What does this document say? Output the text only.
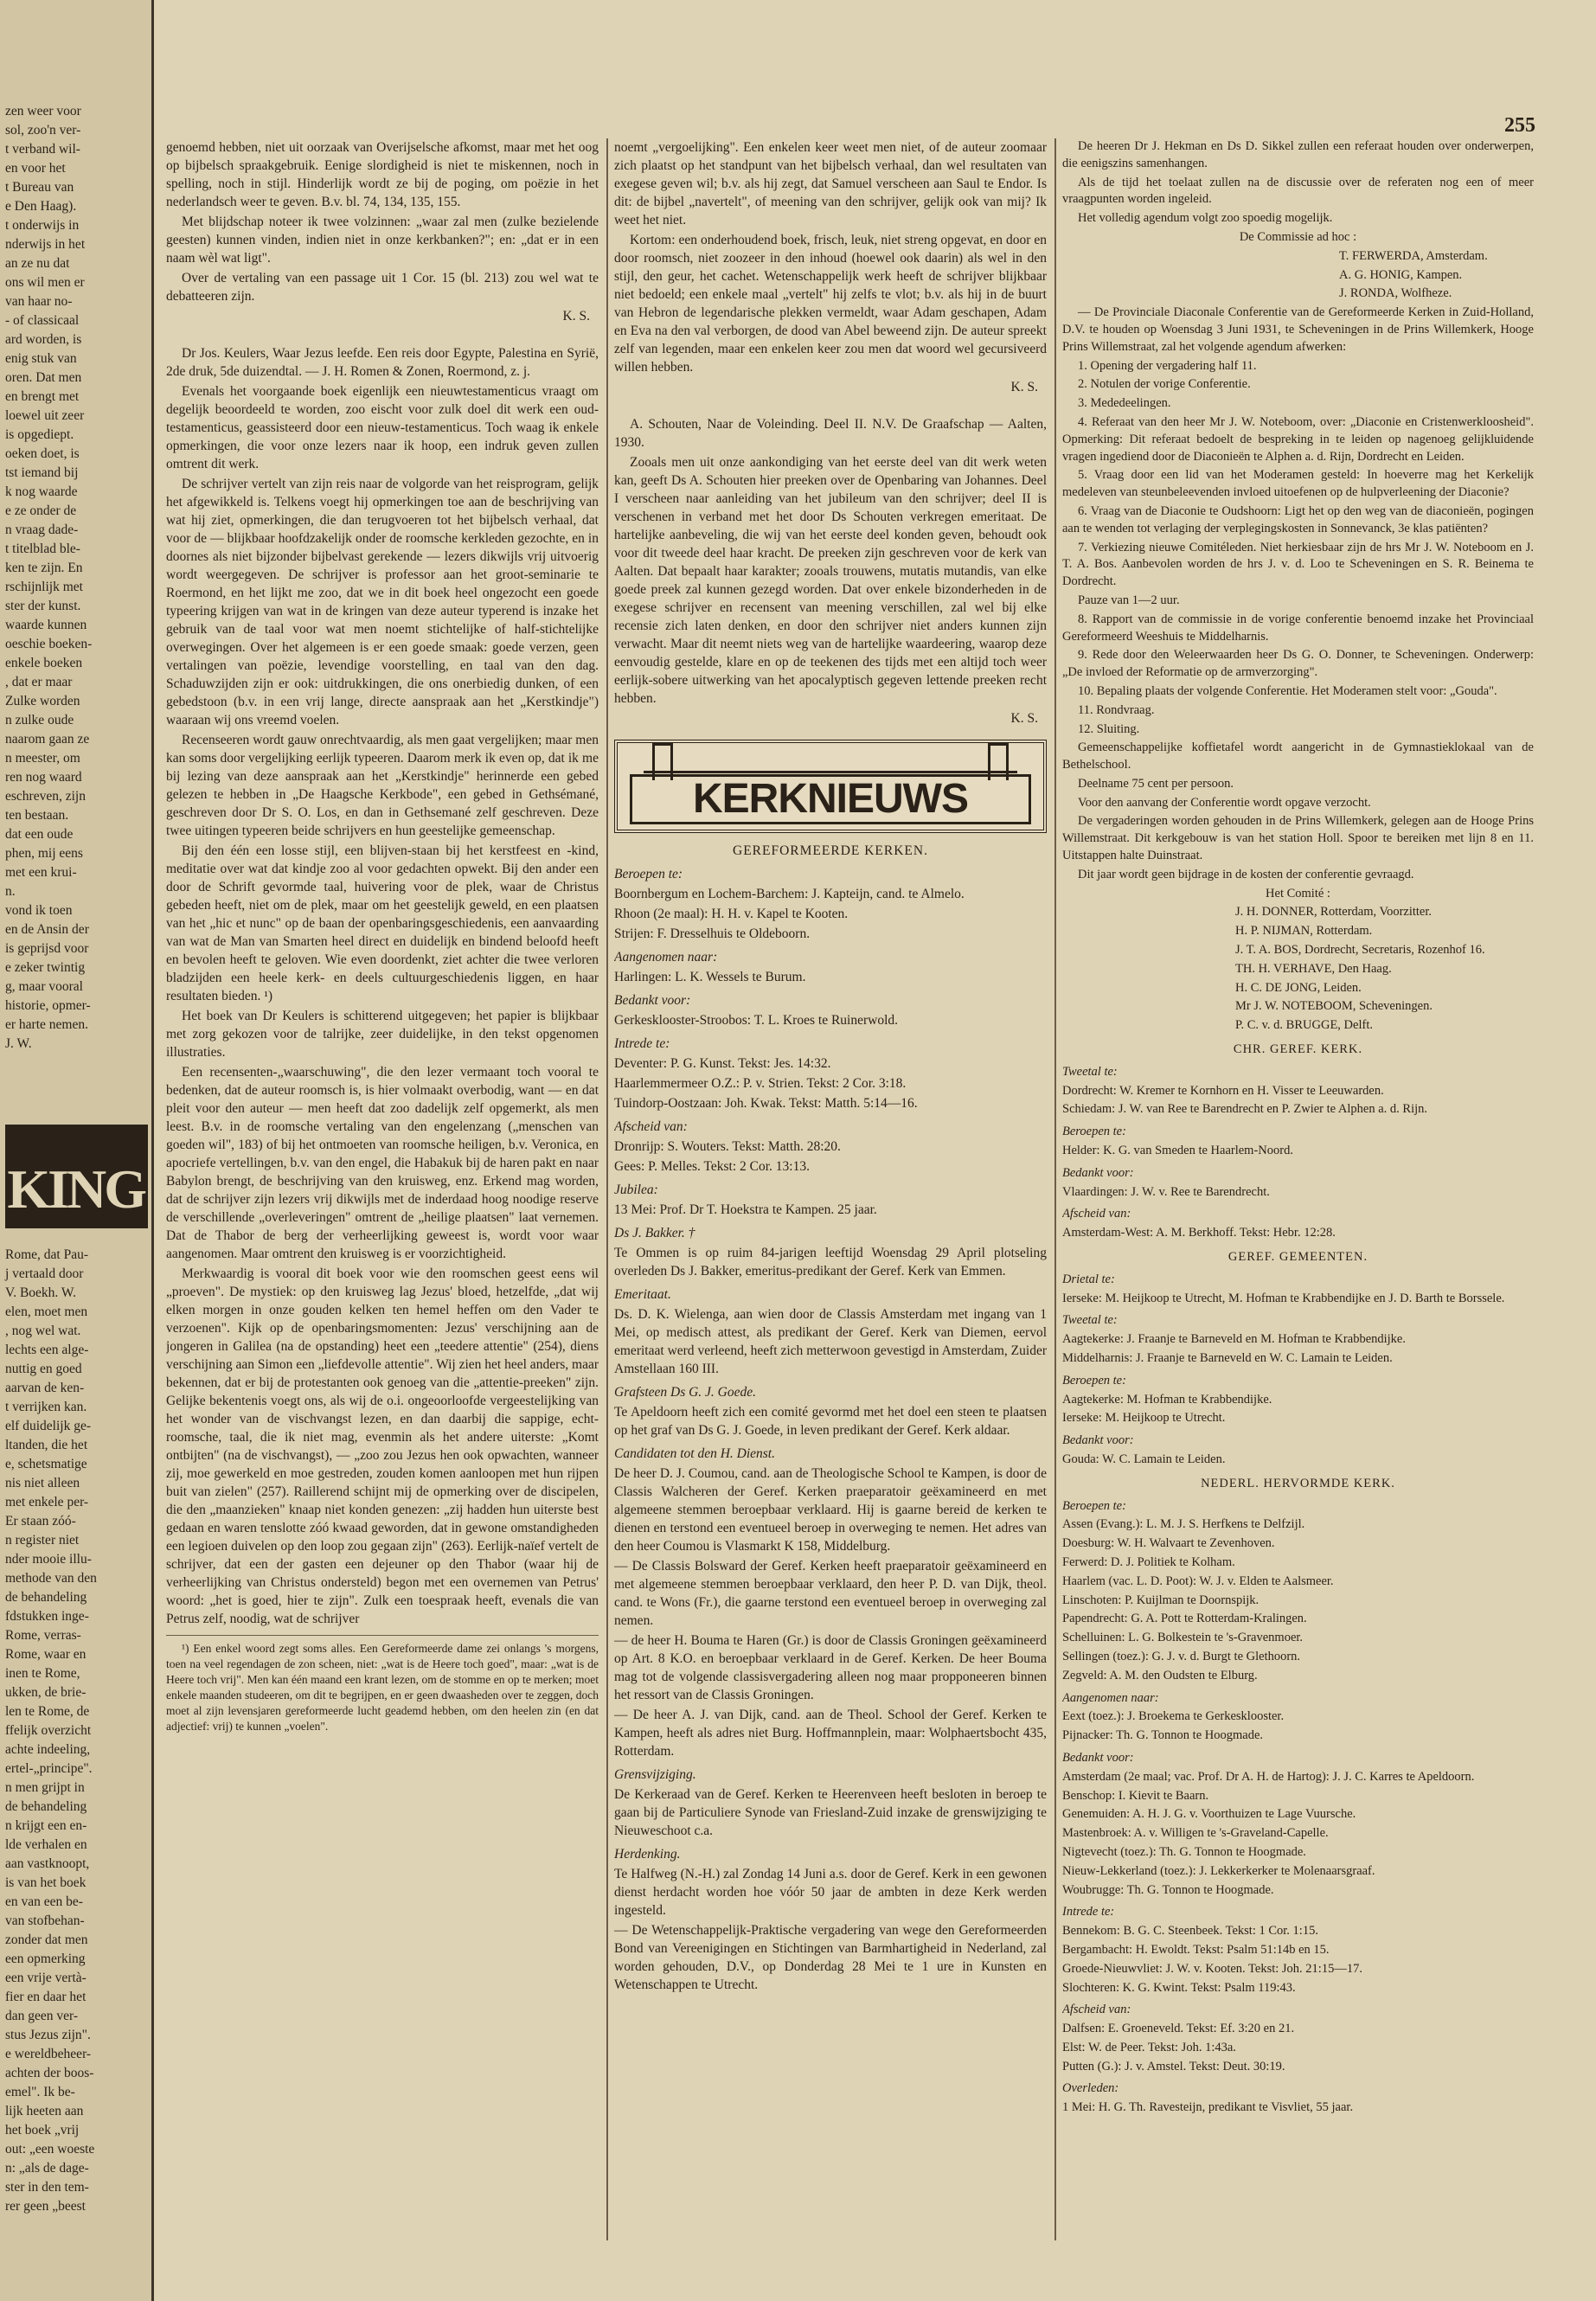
zen weer voor

sol, zoo'n ver-

t verband wil-

en voor het

t Bureau van

e Den Haag).

t onderwijs in

nderwijs in het

an ze nu dat

ons wil men er

van haar no-

- of classicaal

ard worden, is

enig stuk van

oren. Dat men

en brengt met

loewel uit zeer

is opgediept.

oeken doet, is

tst iemand bij

k nog waarde

e ze onder de

n vraag dade-

t titelblad ble-

ken te zijn. En

rschijnlijk met

ster der kunst.

waarde kunnen

oeschie boeken-

enkele boeken

, dat er maar

Zulke worden

n zulke oude

naarom gaan ze

n meester, om

ren nog waard

eschreven, zijn

ten bestaan.

dat een oude

phen, mij eens

met een krui-

n.

vond ik toen

en de Ansin der

is geprijsd voor

e zeker twintig

g, maar vooral

historie, opmer-

er harte nemen.

J. W.

KING

Rome, dat Pau-

j vertaald door

V. Boekh. W.

elen, moet men

, nog wel wat.

lechts een alge-

nuttig en goed

aarvan de ken-

t verrijken kan.

elf duidelijk ge-

ltanden, die het

e, schetsmatige

nis niet alleen

met enkele per-

Er staan zóó-

n register niet

nder mooie illu-

methode van den

de behandeling

fdstukken inge-

Rome, verras-

Rome, waar en

inen te Rome,

ukken, de brie-

len te Rome, de

ffelijk overzicht

achte indeeling,

ertel-„principe".

n men grijpt in

de behandeling

n krijgt een en-

lde verhalen en

aan vastknoopt,

is van het boek

en van een be-

van stofbehan-

zonder dat men

een opmerking

een vrije vertà-

fier en daar het

dan geen ver-

stus Jezus zijn".

e wereldbeheer-

achten der boos-

emel". Ik be-

lijk heeten aan

het boek „vrij

out: „een woeste

n: „als de dage-

ster in den tem-

rer geen „beest

255

genoemd hebben, niet uit oorzaak van Overijselsche afkomst, maar met het oog op bijbelsch spraakgebruik. Eenige slordigheid is niet te miskennen, noch in spelling, noch in stijl. Hinderlijk wordt ze bij de poging, om poëzie in het nederlandsch weer te geven. B.v. bl. 74, 134, 135, 155.

Met blijdschap noteer ik twee volzinnen: „waar zal men (zulke bezielende geesten) kunnen vinden, indien niet in onze kerkbanken?"; en: „dat er in een naam wèl wat ligt".

Over de vertaling van een passage uit 1 Cor. 15 (bl. 213) zou wel wat te debatteeren zijn.

K. S.

Dr Jos. Keulers, Waar Jezus leefde. Een reis door Egypte, Palestina en Syrië, 2de druk, 5de duizendtal. — J. H. Romen & Zonen, Roermond, z. j.

Evenals het voorgaande boek eigenlijk een nieuwtestamenticus vraagt om degelijk beoordeeld te worden, zoo eischt voor zulk doel dit werk een oud-testamenticus, geassisteerd door een nieuw-testamenticus. Toch waag ik enkele opmerkingen, die voor onze lezers naar ik hoop, een indruk geven zullen omtrent dit werk.

De schrijver vertelt van zijn reis naar de volgorde van het reisprogram, gelijk het afgewikkeld is. Telkens voegt hij opmerkingen toe aan de beschrijving van wat hij ziet, opmerkingen, die dan terugvoeren tot het bijbelsch verhaal, dat voor de — blijkbaar hoofdzakelijk onder de roomsche kerkleden gezochte, en in doornes als niet bijzonder bijbelvast gerekende — lezers dikwijls vrij uitvoerig wordt weergegeven. De schrijver is professor aan het groot-seminarie te Roermond, en het lijkt me zoo, dat we in dit boek heel ongezocht een goede typeering krijgen van wat in de kringen van deze auteur typerend is inzake het gebruik van de taal voor wat men noemt stichtelijke of half-stichtelijke overwegingen. Over het algemeen is er een goede smaak: goede verzen, geen vertalingen van poëzie, levendige voorstelling, en taal van den dag. Schaduwzijden zijn er ook: uitdrukkingen, die ons onerbiedig dunken, of een gebedstoon (b.v. in een vrij lange, directe aanspraak aan het „Kerstkindje") waaraan wij ons vreemd voelen.

Recenseeren wordt gauw onrechtvaardig, als men gaat vergelijken; maar men kan soms door vergelijking eerlijk typeeren. Daarom merk ik even op, dat ik me bij lezing van deze aanspraak aan het „Kerstkindje" herinnerde een gebed gelezen te hebben in „De Haagsche Kerkbode", een gebed in Gethsémané, geschreven door Dr S. O. Los, en dan in Gethsemané zelf geschreven. Deze twee uitingen typeeren beide schrijvers en hun geestelijke gemeenschap.

Bij den één een losse stijl, een blijven-staan bij het kerstfeest en -kind, meditatie over wat dat kindje zoo al voor gedachten opwekt. Bij den ander een door de Schrift gevormde taal, huivering voor de plek, waar de Christus gebeden heeft, niet om de plek, maar om het geestelijk geweld, en een plaatsen van het „hic et nunc" op de baan der openbaringsgeschiedenis, een aanvaarding van wat de Man van Smarten heel direct en duidelijk en bindend beloofd heeft en bevolen heeft te geloven. Wie even doordenkt, ziet achter die twee verloren bladzijden een heele kerk- en deels cultuurgeschiedenis liggen, en haar resultaten bieden. ¹)

Het boek van Dr Keulers is schitterend uitgegeven; het papier is blijkbaar met zorg gekozen voor de talrijke, zeer duidelijke, in den tekst opgenomen illustraties.

Een recensenten-„waarschuwing", die den lezer vermaant toch vooral te bedenken, dat de auteur roomsch is, is hier volmaakt overbodig, want — en dat pleit voor den auteur — men heeft dat zoo dadelijk zelf opgemerkt, als men leest. B.v. in de roomsche vertaling van den engelenzang („menschen van goeden wil", 183) of bij het ontmoeten van roomsche heiligen, b.v. Veronica, en apocriefe vertellingen, b.v. van den engel, die Habakuk bij de haren pakt en naar Babylon brengt, de beschrijving van den kruisweg, enz. Erkend mag worden, dat de schrijver zijn lezers vrij dikwijls met de inderdaad hoog noodige reserve de verschillende „overleveringen" omtrent de „heilige plaatsen" laat vernemen. Dat de Thabor de berg der verheerlijking geweest is, wordt voor waar aangenomen. Maar omtrent den kruisweg is er voorzichtigheid.

Merkwaardig is vooral dit boek voor wie den roomschen geest eens wil „proeven". De mystiek: op den kruisweg lag Jezus' bloed, hetzelfde, „dat wij elken morgen in onze gouden kelken ten hemel heffen om den Vader te verzoenen". Kijk op de openbaringsmomenten: Jezus' verschijning aan de jongeren in Galilea (na de opstanding) heet een „teedere attentie" (254), diens verschijning aan Simon een „liefdevolle attentie". Wij zien het heel anders, maar bekennen, dat er bij de protestanten ook genoeg van die „attentie-preeken" zijn. Gelijke bekentenis voegt ons, als wij de o.i. ongeoorloofde vergeestelijking van het wonder van de vischvangst lezen, en dan daarbij die sappige, echt-roomsche, taal, die ik niet mag, evenmin als het andere uiterste: „Komt ontbijten" (na de vischvangst), — „zoo zou Jezus hen ook opwachten, wanneer zij, moe gewerkeld en moe gestreden, zouden komen aanloopen met hun rijpen buit van zielen" (257). Raillerend schijnt mij de opmerking over de discipelen, die den „maanzieken" knaap niet konden genezen: „zij hadden hun uiterste best gedaan en waren tenslotte zóó kwaad geworden, dat in gewone omstandigheden een legioen duivelen op den loop zou gegaan zijn" (263). Eerlijk-naïef vertelt de schrijver, dat een der gasten een dejeuner op den Thabor (waar hij de verheerlijking van Christus ondersteld) begon met een overnemen van Petrus' woord: „het is goed, hier te zijn". Zulk een toespraak heeft, evenals die van Petrus zelf, noodig, wat de schrijver

¹) Een enkel woord zegt soms alles. Een Gereformeerde dame zei onlangs 's morgens, toen na veel regendagen de zon scheen, niet: „wat is de Heere toch goed", maar: „wat is de Heere toch vrij". Men kan één maand een krant lezen, om de stomme en op te merken; moet enkele maanden studeeren, om dit te begrijpen, en er geen dwaasheden over te zeggen, doch moet al zijn levensjaren gereformeerde lucht geademd hebben, om den heelen zin (en dat adjectief: vrij) te kunnen „voelen".

noemt „vergoelijking". Een enkelen keer weet men niet, of de auteur zoomaar zich plaatst op het standpunt van het bijbelsch verhaal, dan wel resultaten van exegese geven wil; b.v. als hij zegt, dat Samuel verscheen aan Saul te Endor. Is dit: de bijbel „navertelt", of meening van den schrijver, gelijk ook van mij? Ik weet het niet.

Kortom: een onderhoudend boek, frisch, leuk, niet streng opgevat, en door en door roomsch, niet zoozeer in den inhoud (hoewel ook daarin) als wel in den stijl, den geur, het cachet. Wetenschappelijk werk heeft de schrijver blijkbaar niet bedoeld; een enkele maal „vertelt" hij zelfs te vlot; b.v. als hij in de buurt van Hebron de legendarische plekken vermeldt, waar Adam geschapen, Adam en Eva na den val verborgen, de dood van Abel beweend zijn. De auteur spreekt zelf van legenden, maar een enkelen keer zou men dat woord wel gecursiveerd willen hebben.

K. S.

A. Schouten, Naar de Voleinding. Deel II. N.V. De Graafschap — Aalten, 1930.

Zooals men uit onze aankondiging van het eerste deel van dit werk weten kan, geeft Ds A. Schouten hier preeken over de Openbaring van Johannes. Deel I verscheen naar aanleiding van het jubileum van den schrijver; deel II is verschenen in verband met het door Ds Schouten verkregen emeritaat. De hartelijke aanbeveling, die wij van het eerste deel konden geven, behoudt ook voor dit tweede deel haar kracht. De preeken zijn geschreven voor de kerk van Aalten. Dat bepaalt haar karakter; zooals trouwens, mutatis mutandis, van elke goede preek zal kunnen gezegd worden. Dat over enkele bizonderheden in de exegese schrijver en recensent van meening verschillen, zal wel bij elke recensie zich laten denken, en door den schrijver niet anders kunnen zijn verwacht. Maar dit neemt niets weg van de hartelijke waardeering, waarop deze eenvoudig gestelde, klare en op de teekenen des tijds met een altijd toch weer eerlijk-sobere uitwerking van het apocalyptisch gegeven lettende preeken recht hebben.

K. S.

KERKNIEUWS

GEREFORMEERDE KERKEN.

Beroepen te:

Boornbergum en Lochem-Barchem: J. Kapteijn, cand. te Almelo.

Rhoon (2e maal): H. H. v. Kapel te Kooten.

Strijen: F. Dresselhuis te Oldeboorn.

Aangenomen naar:

Harlingen: L. K. Wessels te Burum.

Bedankt voor:

Gerkesklooster-Stroobos: T. L. Kroes te Ruinerwold.

Intrede te:

Deventer: P. G. Kunst. Tekst: Jes. 14:32.

Haarlemmermeer O.Z.: P. v. Strien. Tekst: 2 Cor. 3:18.

Tuindorp-Oostzaan: Joh. Kwak. Tekst: Matth. 5:14—16.

Afscheid van:

Dronrijp: S. Wouters. Tekst: Matth. 28:20.

Gees: P. Melles. Tekst: 2 Cor. 13:13.

Jubilea:

13 Mei: Prof. Dr T. Hoekstra te Kampen. 25 jaar.

Ds J. Bakker. †

Te Ommen is op ruim 84-jarigen leeftijd Woensdag 29 April plotseling overleden Ds J. Bakker, emeritus-predikant der Geref. Kerk van Emmen.

Emeritaat.

Ds. D. K. Wielenga, aan wien door de Classis Amsterdam met ingang van 1 Mei, op medisch attest, als predikant der Geref. Kerk van Diemen, eervol emeritaat werd verleend, heeft zich metterwoon gevestigd in Amsterdam, Zuider Amstellaan 160 III.

Grafsteen Ds G. J. Goede.

Te Apeldoorn heeft zich een comité gevormd met het doel een steen te plaatsen op het graf van Ds G. J. Goede, in leven predikant der Geref. Kerk aldaar.

Candidaten tot den H. Dienst.

De heer D. J. Coumou, cand. aan de Theologische School te Kampen, is door de Classis Walcheren der Geref. Kerken praeparatoir geëxamineerd en met algemeene stemmen beroepbaar verklaard. Hij is gaarne bereid de kerken te dienen en terstond een eventueel beroep in overweging te nemen. Het adres van den heer Coumou is Vlasmarkt K 158, Middelburg.

— De Classis Bolsward der Geref. Kerken heeft praeparatoir geëxamineerd en met algemeene stemmen beroepbaar verklaard, den heer P. D. van Dijk, theol. cand. te Wons (Fr.), die gaarne terstond een eventueel beroep in overweging zal nemen.

— de heer H. Bouma te Haren (Gr.) is door de Classis Groningen geëxamineerd op Art. 8 K.O. en beroepbaar verklaard in de Geref. Kerken. De heer Bouma mag tot de volgende classisvergadering alleen nog maar propponeeren binnen het ressort van de Classis Groningen.

— De heer A. J. van Dijk, cand. aan de Theol. School der Geref. Kerken te Kampen, heeft als adres niet Burg. Hoffmannplein, maar: Wolphaertsbocht 435, Rotterdam.

Grensvijziging.

De Kerkeraad van de Geref. Kerken te Heerenveen heeft besloten in beroep te gaan bij de Particuliere Synode van Friesland-Zuid inzake de grenswijziging te Nieuweschoot c.a.

Herdenking.

Te Halfweg (N.-H.) zal Zondag 14 Juni a.s. door de Geref. Kerk in een gewonen dienst herdacht worden hoe vóór 50 jaar de ambten in deze Kerk werden ingesteld.

— De Wetenschappelijk-Praktische vergadering van wege den Gereformeerden Bond van Vereenigingen en Stichtingen van Barmhartigheid in Nederland, zal worden gehouden, D.V., op Donderdag 28 Mei te 1 ure in Kunsten en Wetenschappen te Utrecht.

De heeren Dr J. Hekman en Ds D. Sikkel zullen een referaat houden over onderwerpen, die eenigszins samenhangen.

Als de tijd het toelaat zullen na de discussie over de referaten nog een of meer vraagpunten worden ingeleid.

Het volledig agendum volgt zoo spoedig mogelijk.

De Commissie ad hoc :

T. FERWERDA, Amsterdam.

A. G. HONIG, Kampen.

J. RONDA, Wolfheze.

— De Provinciale Diaconale Conferentie van de Gereformeerde Kerken in Zuid-Holland, D.V. te houden op Woensdag 3 Juni 1931, te Scheveningen in de Prins Willemkerk, Hooge Prins Willemstraat, zal het volgende agendum afwerken:

1. Opening der vergadering half 11.

2. Notulen der vorige Conferentie.

3. Mededeelingen.

4. Referaat van den heer Mr J. W. Noteboom, over: „Diaconie en Cristenwerkloosheid". Opmerking: Dit referaat bedoelt de bespreking in te leiden op nagenoeg gelijkluidende vragen ingediend door de Diaconieën te Alphen a. d. Rijn, Dordrecht en Leiden.

5. Vraag door een lid van het Moderamen gesteld: In hoeverre mag het Kerkelijk medeleven van steunbeleevenden invloed uitoefenen op de hulpverleening der Diaconie?

6. Vraag van de Diaconie te Oudshoorn: Ligt het op den weg van de diaconieën, pogingen aan te wenden tot verlaging der verplegingskosten in Sonnevanck, 3e klas patiënten?

7. Verkiezing nieuwe Comitéleden. Niet herkiesbaar zijn de hrs Mr J. W. Noteboom en J. T. A. Bos. Aanbevolen worden de hrs J. v. d. Loo te Scheveningen en S. R. Beinema te Dordrecht.

Pauze van 1—2 uur.

8. Rapport van de commissie in de vorige conferentie benoemd inzake het Provinciaal Gereformeerd Weeshuis te Middelharnis.

9. Rede door den Weleerwaarden heer Ds G. O. Donner, te Scheveningen. Onderwerp: „De invloed der Reformatie op de armverzorging".

10. Bepaling plaats der volgende Conferentie. Het Moderamen stelt voor: „Gouda".

11. Rondvraag.

12. Sluiting.

Gemeenschappelijke koffietafel wordt aangericht in de Gymnastieklokaal van de Bethelschool.

Deelname 75 cent per persoon.

Voor den aanvang der Conferentie wordt opgave verzocht.

De vergaderingen worden gehouden in de Prins Willemkerk, gelegen aan de Hooge Prins Willemstraat. Dit kerkgebouw is van het station Holl. Spoor te bereiken met lijn 8 en 11. Uitstappen halte Duinstraat.

Dit jaar wordt geen bijdrage in de kosten der conferentie gevraagd.

Het Comité :

J. H. DONNER, Rotterdam, Voorzitter.

H. P. NIJMAN, Rotterdam.

J. T. A. BOS, Dordrecht, Secretaris, Rozenhof 16.

TH. H. VERHAVE, Den Haag.

H. C. DE JONG, Leiden.

Mr J. W. NOTEBOOM, Scheveningen.

P. C. v. d. BRUGGE, Delft.

CHR. GEREF. KERK.

Tweetal te:

Dordrecht: W. Kremer te Kornhorn en H. Visser te Leeuwarden.

Schiedam: J. W. van Ree te Barendrecht en P. Zwier te Alphen a. d. Rijn.

Beroepen te:

Helder: K. G. van Smeden te Haarlem-Noord.

Bedankt voor:

Vlaardingen: J. W. v. Ree te Barendrecht.

Afscheid van:

Amsterdam-West: A. M. Berkhoff. Tekst: Hebr. 12:28.

GEREF. GEMEENTEN.

Drietal te:

Ierseke: M. Heijkoop te Utrecht, M. Hofman te Krabbendijke en J. D. Barth te Borssele.

Tweetal te:

Aagtekerke: J. Fraanje te Barneveld en M. Hofman te Krabbendijke.

Middelharnis: J. Fraanje te Barneveld en W. C. Lamain te Leiden.

Beroepen te:

Aagtekerke: M. Hofman te Krabbendijke.

Ierseke: M. Heijkoop te Utrecht.

Bedankt voor:

Gouda: W. C. Lamain te Leiden.

NEDERL. HERVORMDE KERK.

Beroepen te:

Assen (Evang.): L. M. J. S. Herfkens te Delfzijl.

Doesburg: W. H. Walvaart te Zevenhoven.

Ferwerd: D. J. Politiek te Kolham.

Haarlem (vac. L. D. Poot): W. J. v. Elden te Aalsmeer.

Linschoten: P. Kuijlman te Doornspijk.

Papendrecht: G. A. Pott te Rotterdam-Kralingen.

Schelluinen: L. G. Bolkestein te 's-Gravenmoer.

Sellingen (toez.): G. J. v. d. Burgt te Glethoorn.

Zegveld: A. M. den Oudsten te Elburg.

Aangenomen naar:

Eext (toez.): J. Broekema te Gerkesklooster.

Pijnacker: Th. G. Tonnon te Hoogmade.

Bedankt voor:

Amsterdam (2e maal; vac. Prof. Dr A. H. de Hartog): J. J. C. Karres te Apeldoorn.

Benschop: I. Kievit te Baarn.

Genemuiden: A. H. J. G. v. Voorthuizen te Lage Vuursche.

Mastenbroek: A. v. Willigen te 's-Graveland-Capelle.

Nigtevecht (toez.): Th. G. Tonnon te Hoogmade.

Nieuw-Lekkerland (toez.): J. Lekkerkerker te Molenaarsgraaf.

Woubrugge: Th. G. Tonnon te Hoogmade.

Intrede te:

Bennekom: B. G. C. Steenbeek. Tekst: 1 Cor. 1:15.

Bergambacht: H. Ewoldt. Tekst: Psalm 51:14b en 15.

Groede-Nieuwvliet: J. W. v. Kooten. Tekst: Joh. 21:15—17.

Slochteren: K. G. Kwint. Tekst: Psalm 119:43.

Afscheid van:

Dalfsen: E. Groeneveld. Tekst: Ef. 3:20 en 21.

Elst: W. de Peer. Tekst: Joh. 1:43a.

Putten (G.): J. v. Amstel. Tekst: Deut. 30:19.

Overleden:

1 Mei: H. G. Th. Ravesteijn, predikant te Visvliet, 55 jaar.
